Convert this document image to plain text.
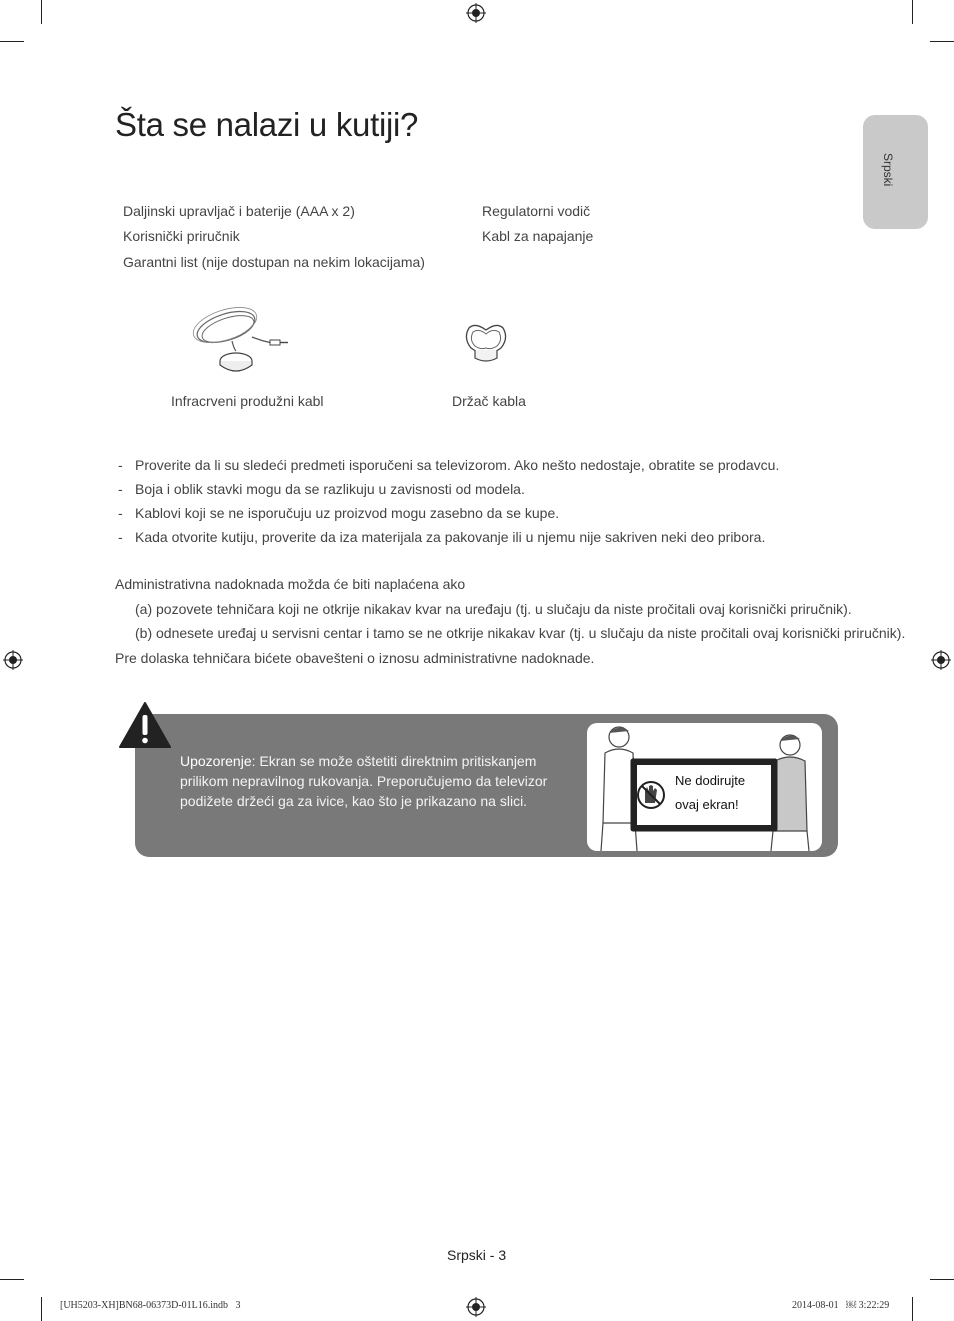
Srpski
Šta se nalazi u kutiji?
Daljinski upravljač i baterije (AAA x 2)
Korisnički priručnik
Garantni list (nije dostupan na nekim lokacijama)
Regulatorni vodič
Kabl za napajanje
Infracrveni produžni kabl	Držač kabla
- Proverite da li su sledeći predmeti isporučeni sa televizorom. Ako nešto nedostaje, obratite se prodavcu.
- Boja i oblik stavki mogu da se razlikuju u zavisnosti od modela.
- Kablovi koji se ne isporučuju uz proizvod mogu zasebno da se kupe.
- Kada otvorite kutiju, proverite da iza materijala za pakovanje ili u njemu nije sakriven neki deo pribora.
Administrativna nadoknada možda će biti naplaćena ako
(a) pozovete tehničara koji ne otkrije nikakav kvar na uređaju (tj. u slučaju da niste pročitali ovaj korisnički priručnik).
(b) odnesete uređaj u servisni centar i tamo se ne otkrije nikakav kvar (tj. u slučaju da niste pročitali ovaj korisnički priručnik).
Pre dolaska tehničara bićete obavešteni o iznosu administrativne nadoknade.
Upozorenje: Ekran se može oštetiti direktnim pritiskanjem prilikom nepravilnog rukovanja. Preporučujemo da televizor podižete držeći ga za ivice, kao što je prikazano na slici.
Ne dodirujte
ovaj ekran!
Srpski - 3
[UH5203-XH]BN68-06373D-01L16.indb   3	2014-08-01   ￼ 3:22:29
